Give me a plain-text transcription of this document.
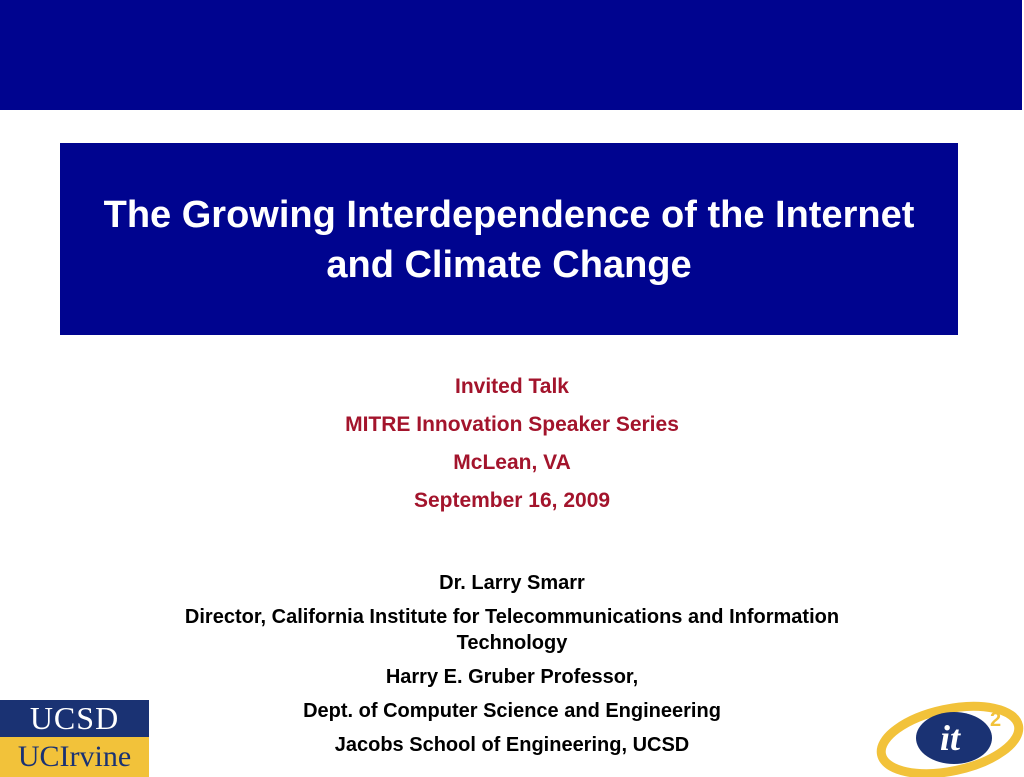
The Growing Interdependence of the Internet and Climate Change
Invited Talk
MITRE Innovation Speaker Series
McLean, VA
September 16, 2009
Dr. Larry Smarr
Director, California Institute for Telecommunications and Information Technology
Harry E. Gruber Professor,
Dept. of Computer Science and Engineering
Jacobs School of Engineering, UCSD
UCSD
UCIrvine	it 2
